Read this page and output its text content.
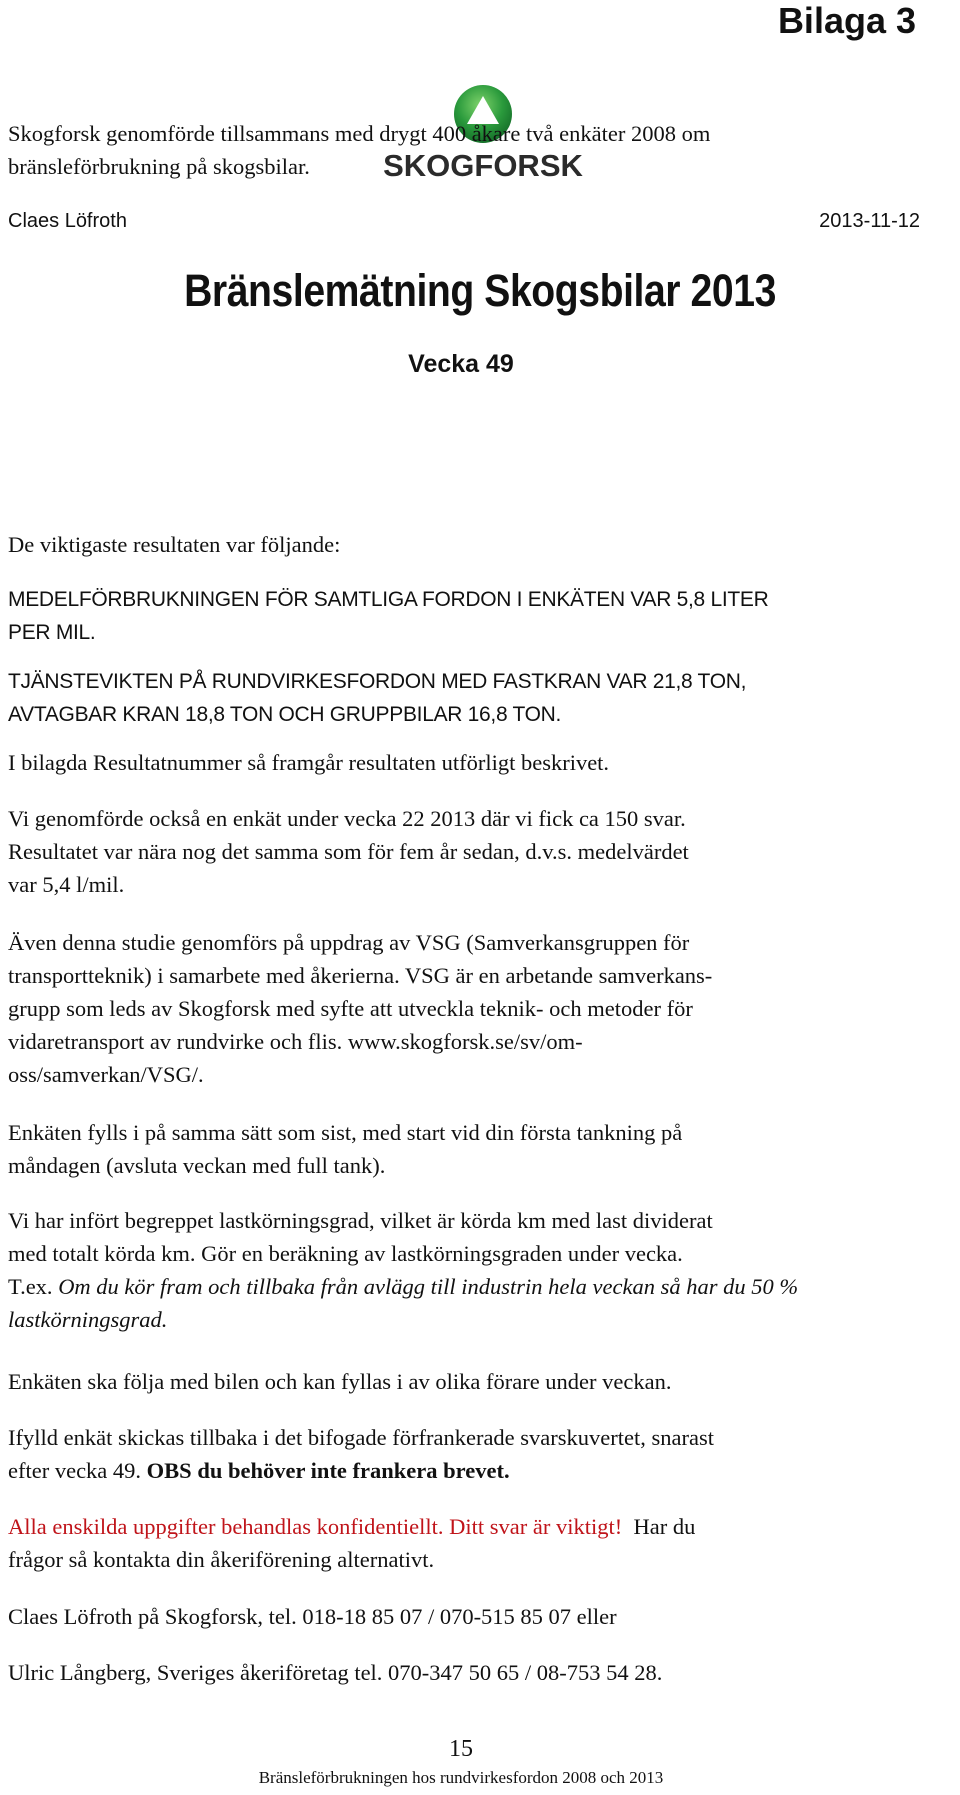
Bilaga 3
SKOGFORSK
Claes Löfroth	2013-11-12
Bränslemätning Skogsbilar 2013
Vecka 49
Skogforsk genomförde tillsammans med drygt 400 åkare två enkäter 2008 om
bränsleförbrukning på skogsbilar.
De viktigaste resultaten var följande:
MEDELFÖRBRUKNINGEN FÖR SAMTLIGA FORDON I ENKÄTEN VAR 5,8 LITER
PER MIL.
TJÄNSTEVIKTEN PÅ RUNDVIRKESFORDON MED FASTKRAN VAR 21,8 TON,
AVTAGBAR KRAN 18,8 TON OCH GRUPPBILAR 16,8 TON.
I bilagda Resultatnummer så framgår resultaten utförligt beskrivet.
Vi genomförde också en enkät under vecka 22 2013 där vi fick ca 150 svar.
Resultatet var nära nog det samma som för fem år sedan, d.v.s. medelvärdet
var 5,4 l/mil.
Även denna studie genomförs på uppdrag av VSG (Samverkansgruppen för
transportteknik) i samarbete med åkerierna. VSG är en arbetande samverkans-
grupp som leds av Skogforsk med syfte att utveckla teknik- och metoder för
vidaretransport av rundvirke och flis. www.skogforsk.se/sv/om-
oss/samverkan/VSG/.
Enkäten fylls i på samma sätt som sist, med start vid din första tankning på
måndagen (avsluta veckan med full tank).
Vi har infört begreppet lastkörningsgrad, vilket är körda km med last dividerat
med totalt körda km. Gör en beräkning av lastkörningsgraden under vecka.
T.ex. Om du kör fram och tillbaka från avlägg till industrin hela veckan så har du 50 %
lastkörningsgrad.
Enkäten ska följa med bilen och kan fyllas i av olika förare under veckan.
Ifylld enkät skickas tillbaka i det bifogade förfrankerade svarskuvertet, snarast
efter vecka 49. OBS du behöver inte frankera brevet.
Alla enskilda uppgifter behandlas konfidentiellt. Ditt svar är viktigt!  Har du
frågor så kontakta din åkeriförening alternativt.
Claes Löfroth på Skogforsk, tel. 018-18 85 07 / 070-515 85 07 eller
Ulric Långberg, Sveriges åkeriföretag tel. 070-347 50 65 / 08-753 54 28.
15
Bränsleförbrukningen hos rundvirkesfordon 2008 och 2013
